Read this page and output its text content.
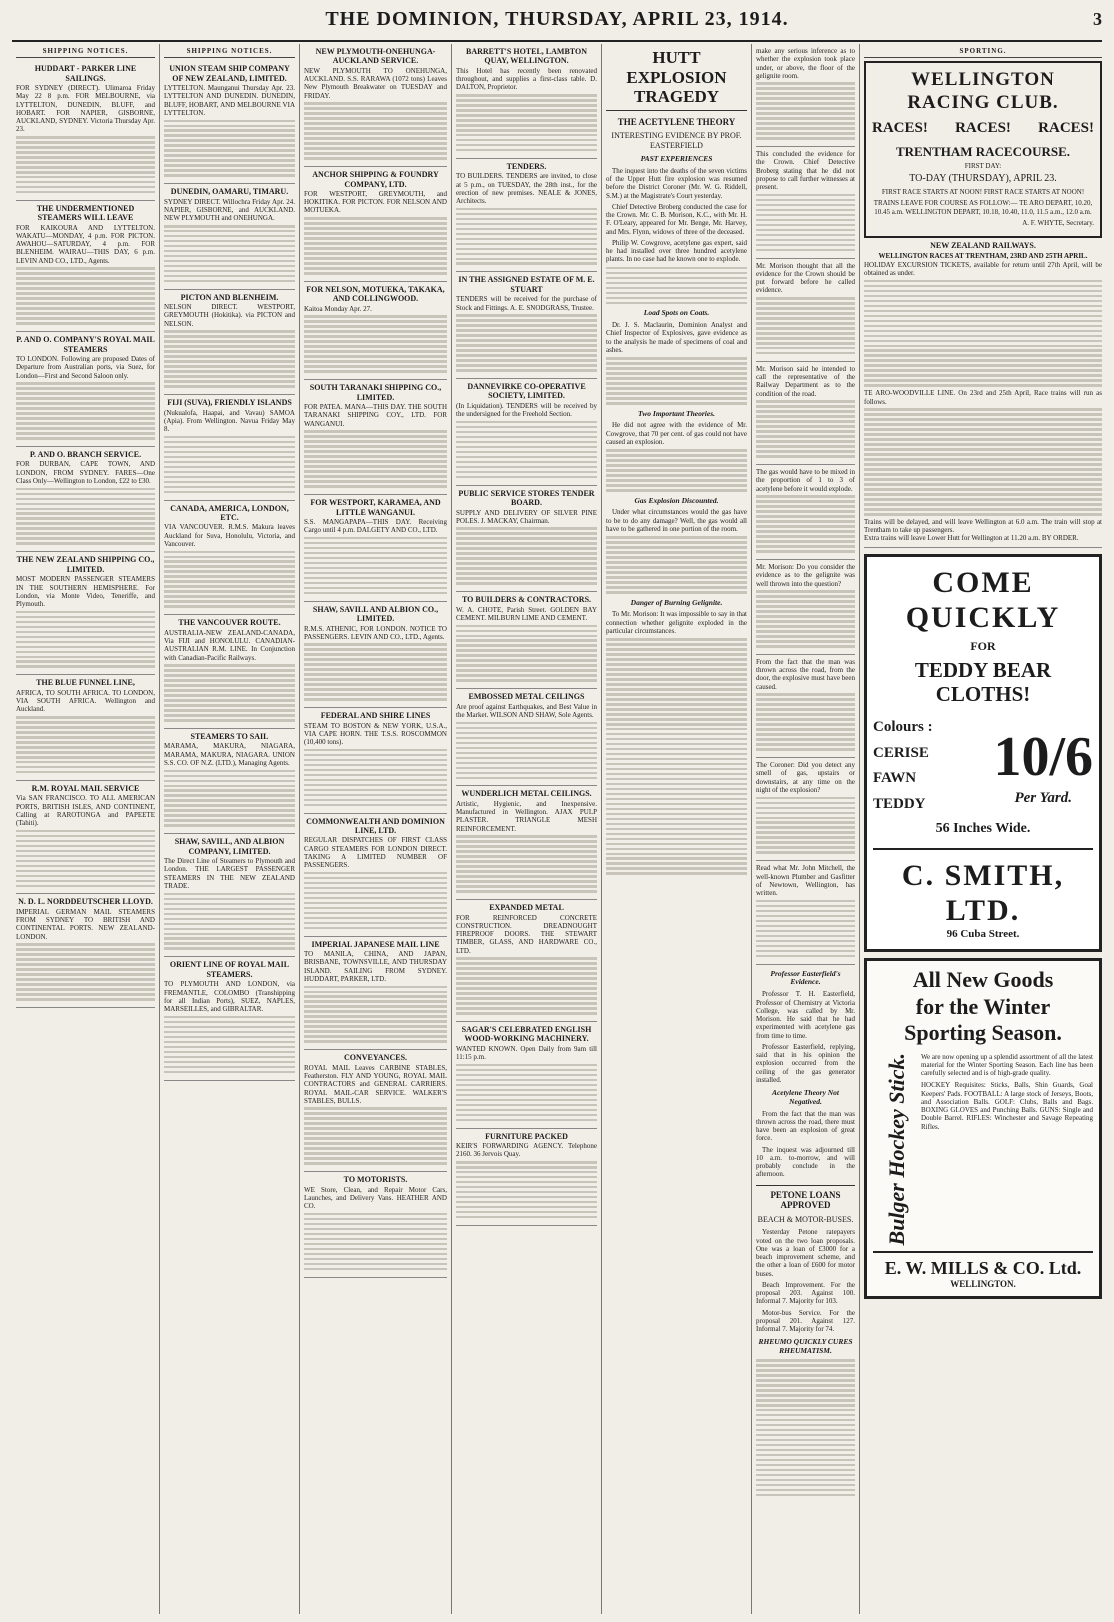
THE DOMINION, THURSDAY, APRIL 23, 1914.	3
SHIPPING NOTICES.
HUDDART - PARKER LINE SAILINGS.

FOR SYDNEY (DIRECT). Ulimaroa Friday May 22 8 p.m. FOR MELBOURNE, via LYTTELTON, DUNEDIN, BLUFF, and HOBART. FOR NAPIER, GISBORNE, AUCKLAND, SYDNEY. Victoria Thursday Apr. 23.

THE UNDERMENTIONED STEAMERS WILL LEAVE

FOR KAIKOURA AND LYTTELTON. WAKATU—MONDAY, 4 p.m. FOR PICTON. AWAHOU—SATURDAY, 4 p.m. FOR BLENHEIM. WAIRAU—THIS DAY, 6 p.m. LEVIN AND CO., LTD., Agents.

P. AND O. COMPANY'S ROYAL MAIL STEAMERS

TO LONDON. Following are proposed Dates of Departure from Australian ports, via Suez, for London—First and Second Saloon only.

P. AND O. BRANCH SERVICE.

FOR DURBAN, CAPE TOWN, AND LONDON, FROM SYDNEY. FARES—One Class Only—Wellington to London, £22 to £30.

THE NEW ZEALAND SHIPPING CO., LIMITED.

MOST MODERN PASSENGER STEAMERS IN THE SOUTHERN HEMISPHERE. For London, via Monte Video, Teneriffe, and Plymouth.

THE BLUE FUNNEL LINE,

AFRICA, TO SOUTH AFRICA. TO LONDON, VIA SOUTH AFRICA. Wellington and Auckland.

R.M. ROYAL MAIL SERVICE

Via SAN FRANCISCO. TO ALL AMERICAN PORTS, BRITISH ISLES, AND CONTINENT, Calling at RAROTONGA and PAPEETE (Tahiti).

N. D. L. NORDDEUTSCHER LLOYD.

IMPERIAL GERMAN MAIL STEAMERS FROM SYDNEY TO BRITISH AND CONTINENTAL PORTS. NEW ZEALAND-LONDON.

SHIPPING NOTICES.
UNION STEAM SHIP COMPANY OF NEW ZEALAND, LIMITED.

LYTTELTON. Maunganui Thursday Apr. 23. LYTTELTON AND DUNEDIN. DUNEDIN, BLUFF, HOBART, AND MELBOURNE VIA LYTTELTON.

DUNEDIN, OAMARU, TIMARU.

SYDNEY DIRECT. Willochra Friday Apr. 24. NAPIER, GISBORNE, and AUCKLAND. NEW PLYMOUTH and ONEHUNGA.

PICTON AND BLENHEIM.

NELSON DIRECT. WESTPORT, GREYMOUTH (Hokitika). via PICTON and NELSON.

FIJI (SUVA), FRIENDLY ISLANDS

(Nukualofa, Haapai, and Vavau) SAMOA (Apia). From Wellington. Navua Friday May 8.

CANADA, AMERICA, LONDON, ETC.

VIA VANCOUVER. R.M.S. Makura leaves Auckland for Suva, Honolulu, Victoria, and Vancouver.

THE VANCOUVER ROUTE.

AUSTRALIA-NEW ZEALAND-CANADA, Via FIJI and HONOLULU. CANADIAN-AUSTRALIAN R.M. LINE. In Conjunction with Canadian-Pacific Railways.

STEAMERS TO SAIL

MARAMA, MAKURA, NIAGARA, MARAMA, MAKURA, NIAGARA. UNION S.S. CO. OF N.Z. (LTD.), Managing Agents.

SHAW, SAVILL, AND ALBION COMPANY, LIMITED.

The Direct Line of Steamers to Plymouth and London. THE LARGEST PASSENGER STEAMERS IN THE NEW ZEALAND TRADE.

ORIENT LINE OF ROYAL MAIL STEAMERS.

TO PLYMOUTH AND LONDON, via FREMANTLE, COLOMBO (Transhipping for all Indian Ports), SUEZ, NAPLES, MARSEILLES, and GIBRALTAR.

NEW PLYMOUTH-ONEHUNGA-AUCKLAND SERVICE.

NEW PLYMOUTH TO ONEHUNGA, AUCKLAND. S.S. RARAWA (1072 tons) Leaves New Plymouth Breakwater on TUESDAY and FRIDAY.

ANCHOR SHIPPING & FOUNDRY COMPANY, LTD.

FOR WESTPORT, GREYMOUTH, and HOKITIKA. FOR PICTON. FOR NELSON AND MOTUEKA.

FOR NELSON, MOTUEKA, TAKAKA, AND COLLINGWOOD.

Kaitoa Monday Apr. 27.

SOUTH TARANAKI SHIPPING CO., LIMITED.

FOR PATEA. MANA—THIS DAY. THE SOUTH TARANAKI SHIPPING COY., LTD. FOR WANGANUI.

FOR WESTPORT, KARAMEA, AND LITTLE WANGANUI.

S.S. MANGAPAPA—THIS DAY. Receiving Cargo until 4 p.m. DALGETY AND CO., LTD.

SHAW, SAVILL AND ALBION CO., LIMITED.

R.M.S. ATHENIC, FOR LONDON. NOTICE TO PASSENGERS. LEVIN AND CO., LTD., Agents.

FEDERAL AND SHIRE LINES

STEAM TO BOSTON & NEW YORK, U.S.A., VIA CAPE HORN. THE T.S.S. ROSCOMMON (10,400 tons).

COMMONWEALTH AND DOMINION LINE, LTD.

REGULAR DISPATCHES OF FIRST CLASS CARGO STEAMERS FOR LONDON DIRECT. TAKING A LIMITED NUMBER OF PASSENGERS.

IMPERIAL JAPANESE MAIL LINE

TO MANILA, CHINA, AND JAPAN, BRISBANE, TOWNSVILLE, AND THURSDAY ISLAND. SAILING FROM SYDNEY. HUDDART, PARKER, LTD.

CONVEYANCES.

ROYAL MAIL Leaves CARBINE STABLES, Featherston. FLY AND YOUNG, ROYAL MAIL CONTRACTORS and GENERAL CARRIERS. ROYAL MAIL-CAR SERVICE. WALKER'S STABLES, BULLS.

TO MOTORISTS.

WE Store, Clean, and Repair Motor Cars, Launches, and Delivery Vans. HEATHER AND CO.

BARRETT'S HOTEL, LAMBTON QUAY, WELLINGTON.

This Hotel has recently been renovated throughout, and supplies a first-class table. D. DALTON, Proprietor.

TENDERS.

TO BUILDERS. TENDERS are invited, to close at 5 p.m., on TUESDAY, the 28th inst., for the erection of new premises. NEALE & JONES, Architects.

IN THE ASSIGNED ESTATE OF M. E. STUART

TENDERS will be received for the purchase of Stock and Fittings. A. E. SNODGRASS, Trustee.

DANNEVIRKE CO-OPERATIVE SOCIETY, LIMITED.

(In Liquidation). TENDERS will be received by the undersigned for the Freehold Section.

PUBLIC SERVICE STORES TENDER BOARD.

SUPPLY AND DELIVERY OF SILVER PINE POLES. J. MACKAY, Chairman.

TO BUILDERS & CONTRACTORS.

W. A. CHOTE, Parish Street. GOLDEN BAY CEMENT. MILBURN LIME AND CEMENT.

EMBOSSED METAL CEILINGS

Are proof against Earthquakes, and Best Value in the Market. WILSON AND SHAW, Sole Agents.

WUNDERLICH METAL CEILINGS.

Artistic, Hygienic, and Inexpensive. Manufactured in Wellington. AJAX PULP PLASTER. TRIANGLE MESH REINFORCEMENT.

EXPANDED METAL

FOR REINFORCED CONCRETE CONSTRUCTION. DREADNOUGHT FIREPROOF DOORS. THE STEWART TIMBER, GLASS, AND HARDWARE CO., LTD.

SAGAR'S CELEBRATED ENGLISH WOOD-WORKING MACHINERY.

WANTED KNOWN. Open Daily from 9am till 11:15 p.m.

FURNITURE PACKED

KEIR'S FORWARDING AGENCY. Telephone 2160. 36 Jervois Quay.

HUTT EXPLOSION TRAGEDY
THE ACETYLENE THEORY
INTERESTING EVIDENCE BY PROF. EASTERFIELD
PAST EXPERIENCES

The inquest into the deaths of the seven victims of the Upper Hutt fire explosion was resumed before the District Coroner (Mr. W. G. Riddell, S.M.) at the Magistrate's Court yesterday.

Chief Detective Broberg conducted the case for the Crown. Mr. C. B. Morison, K.C., with Mr. H. F. O'Leary, appeared for Mr. Benge, Mr. Harvey, and Mrs. Flynn, widows of three of the deceased.

Philip W. Cowgrove, acetylene gas expert, said he had installed over three hundred acetylene plants. In no case had he known one to explode.

Load Spots on Coats.

Dr. J. S. Maclaurin, Dominion Analyst and Chief Inspector of Explosives, gave evidence as to the analysis he made of specimens of coal and ashes.

Two Important Theories.

He did not agree with the evidence of Mr. Cowgrove, that 70 per cent. of gas could not have caused an explosion.

Gas Explosion Discounted.

Under what circumstances would the gas have to be to do any damage? Well, the gas would all have to be gathered in one portion of the room.

Danger of Burning Gelignite.

To Mr. Morison: It was impossible to say in that connection whether gelignite exploded in the particular circumstances.

make any serious inference as to whether the explosion took place under, or above, the floor of the gelignite room.

This concluded the evidence for the Crown. Chief Detective Broberg stating that he did not propose to call further witnesses at present.

Mr. Morison thought that all the evidence for the Crown should be put forward before he called evidence.

Mr. Morison said he intended to call the representative of the Railway Department as to the condition of the road.

The gas would have to be mixed in the proportion of 1 to 3 of acetylene before it would explode.

Mr. Morison: Do you consider the evidence as to the gelignite was well thrown into the question?

From the fact that the man was thrown across the road, from the door, the explosive must have been caused.

The Coroner: Did you detect any smell of gas, upstairs or downstairs, at any time on the night of the explosion?

Read what Mr. John Mitchell, the well-known Plumber and Gasfitter of Newtown, Wellington, has written.

Professor Easterfield's Evidence.

Professor T. H. Easterfield, Professor of Chemistry at Victoria College, was called by Mr. Morison. He said that he had experimented with acetylene gas from time to time.

Professor Easterfield, replying, said that in his opinion the explosion occurred from the ceiling of the gas generator installed.

Acetylene Theory Not Negatived.

From the fact that the man was thrown across the road, there must have been an explosion of great force.

The inquest was adjourned till 10 a.m. to-morrow, and will probably conclude in the afternoon.

PETONE LOANS APPROVED
BEACH & MOTOR-BUSES.

Yesterday Petone ratepayers voted on the two loan proposals. One was a loan of £3000 for a beach improvement scheme, and the other a loan of £600 for motor buses.

Beach Improvement. For the proposal 203. Against 100. Informal 7. Majority for 103.

Motor-bus Service. For the proposal 201. Against 127. Informal 7. Majority for 74.

RHEUMO QUICKLY CURES RHEUMATISM.
SPORTING.
WELLINGTON RACING CLUB.
RACES! RACES! RACES!
TRENTHAM RACECOURSE.
FIRST DAY:
TO-DAY (THURSDAY), APRIL 23.
FIRST RACE STARTS AT NOON! FIRST RACE STARTS AT NOON!
TRAINS LEAVE FOR COURSE AS FOLLOW:— TE ARO DEPART, 10.20, 10.45 a.m. WELLINGTON DEPART, 10.18, 10.40, 11.0, 11.5 a.m., 12.0 a.m.
A. F. WHYTE, Secretary.
NEW ZEALAND RAILWAYS.
WELLINGTON RACES AT TRENTHAM, 23RD AND 25TH APRIL.

HOLIDAY EXCURSION TICKETS, available for return until 27th April, will be obtained as under.

TE ARO-WOODVILLE LINE. On 23rd and 25th April, Race trains will run as follows.

Trains will be delayed, and will leave Wellington at 6.0 a.m. The train will stop at Trentham to take up passengers.

Extra trains will leave Lower Hutt for Wellington at 11.20 a.m. BY ORDER.

COME QUICKLY
FOR
TEDDY BEAR CLOTHS!
Colours :
CERISE
FAWN
TEDDY
10/6
Per Yard.
56 Inches Wide.
C. SMITH, LTD.
96 Cuba Street.
All New Goods
for the Winter
Sporting Season.
Bulger Hockey Stick. We are now opening up a splendid assortment of all the latest material for the Winter Sporting Season. Each line has been carefully selected and is of high-grade quality.

HOCKEY Requisites: Sticks, Balls, Shin Guards, Goal Keepers' Pads. FOOTBALL: A large stock of Jerseys, Boots, and Association Balls. GOLF: Clubs, Balls and Bags. BOXING GLOVES and Punching Balls. GUNS: Single and Double Barrel. RIFLES: Winchester and Savage Repeating Rifles.

E. W. MILLS & CO. Ltd.
WELLINGTON.
